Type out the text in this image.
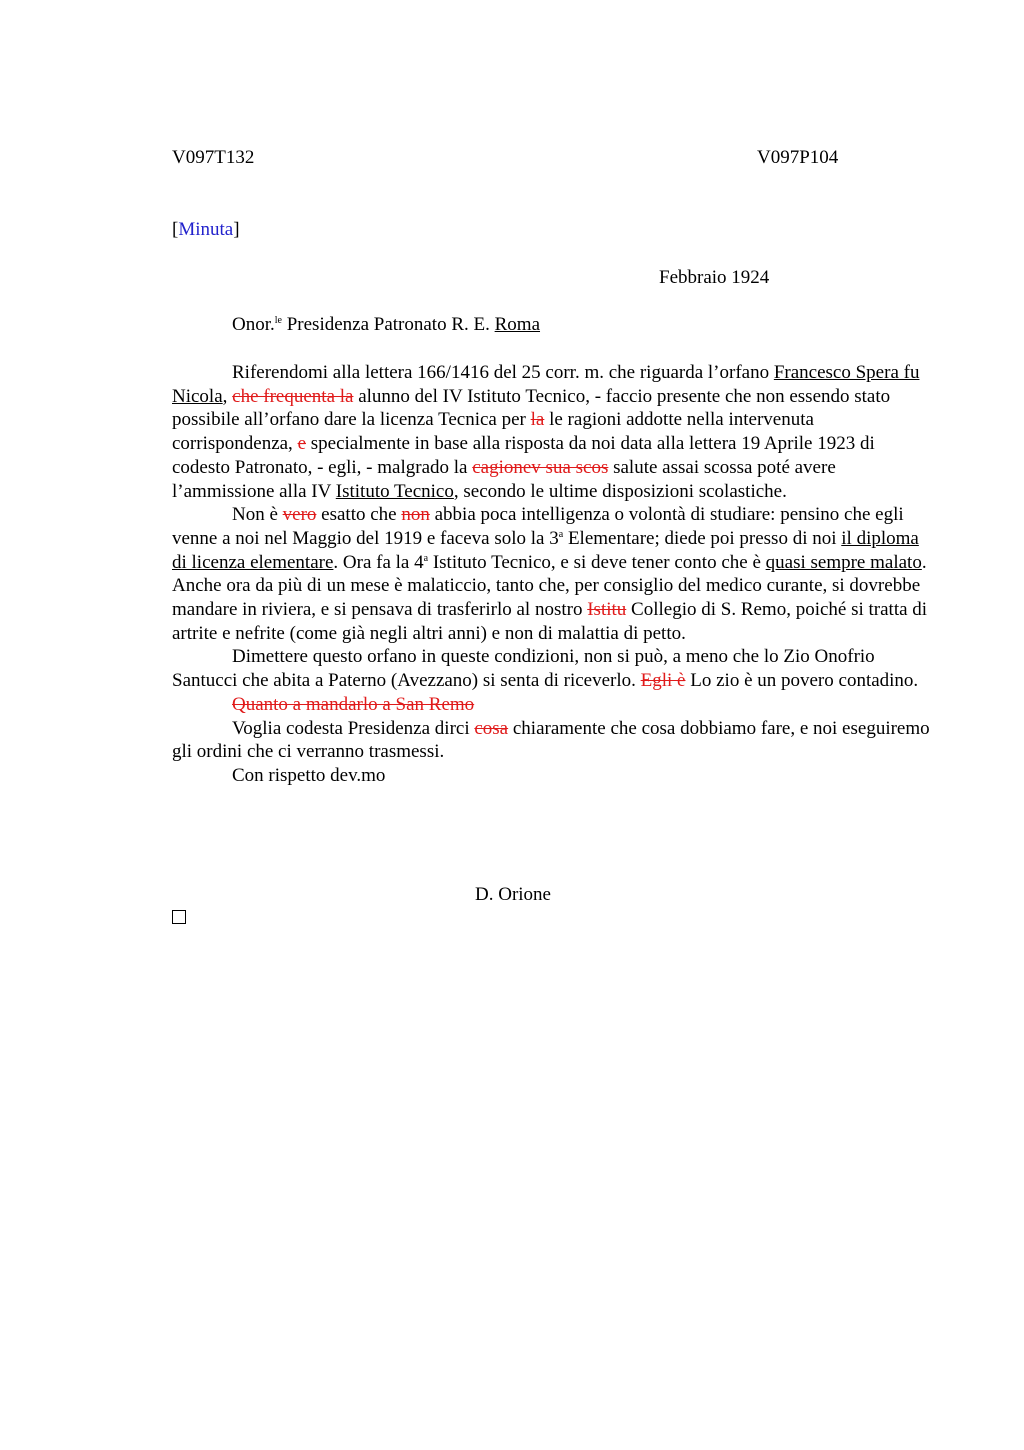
V097T132	V097P104
[Minuta]
Febbraio 1924
Onor.$^{le}$ Presidenza Patronato R. E. Roma

Riferendomi alla lettera 166/1416 del 25 corr. m. che riguarda l’orfano Francesco Spera fu Nicola, che frequenta la alunno del IV Istituto Tecnico, - faccio presente che non essendo stato possibile all’orfano dare la licenza Tecnica per la le ragioni addotte nella intervenuta corrispondenza, e specialmente in base alla risposta da noi data alla lettera 19 Aprile 1923 di codesto Patronato, - egli, - malgrado la cagionev sua scos salute assai scossa poté avere l’ammissione alla IV Istituto Tecnico, secondo le ultime disposizioni scolastiche.

Non è vero esatto che non abbia poca intelligenza o volontà di studiare: pensino che egli venne a noi nel Maggio del 1919 e faceva solo la 3$^a$ Elementare; diede poi presso di noi il diploma di licenza elementare. Ora fa la 4$^a$ Istituto Tecnico, e si deve tener conto che è quasi sempre malato. Anche ora da più di un mese è malaticcio, tanto che, per consiglio del medico curante, si dovrebbe mandare in riviera, e si pensava di trasferirlo al nostro Istitu Collegio di S. Remo, poiché si tratta di artrite e nefrite (come già negli altri anni) e non di malattia di petto.

Dimettere questo orfano in queste condizioni, non si può, a meno che lo Zio Onofrio Santucci che abita a Paterno (Avezzano) si senta di riceverlo. Egli è Lo zio è un povero contadino.

Quanto a mandarlo a San Remo

Voglia codesta Presidenza dirci cosa chiaramente che cosa dobbiamo fare, e noi eseguiremo gli ordini che ci verranno trasmessi.

Con rispetto dev.mo

D. Orione
